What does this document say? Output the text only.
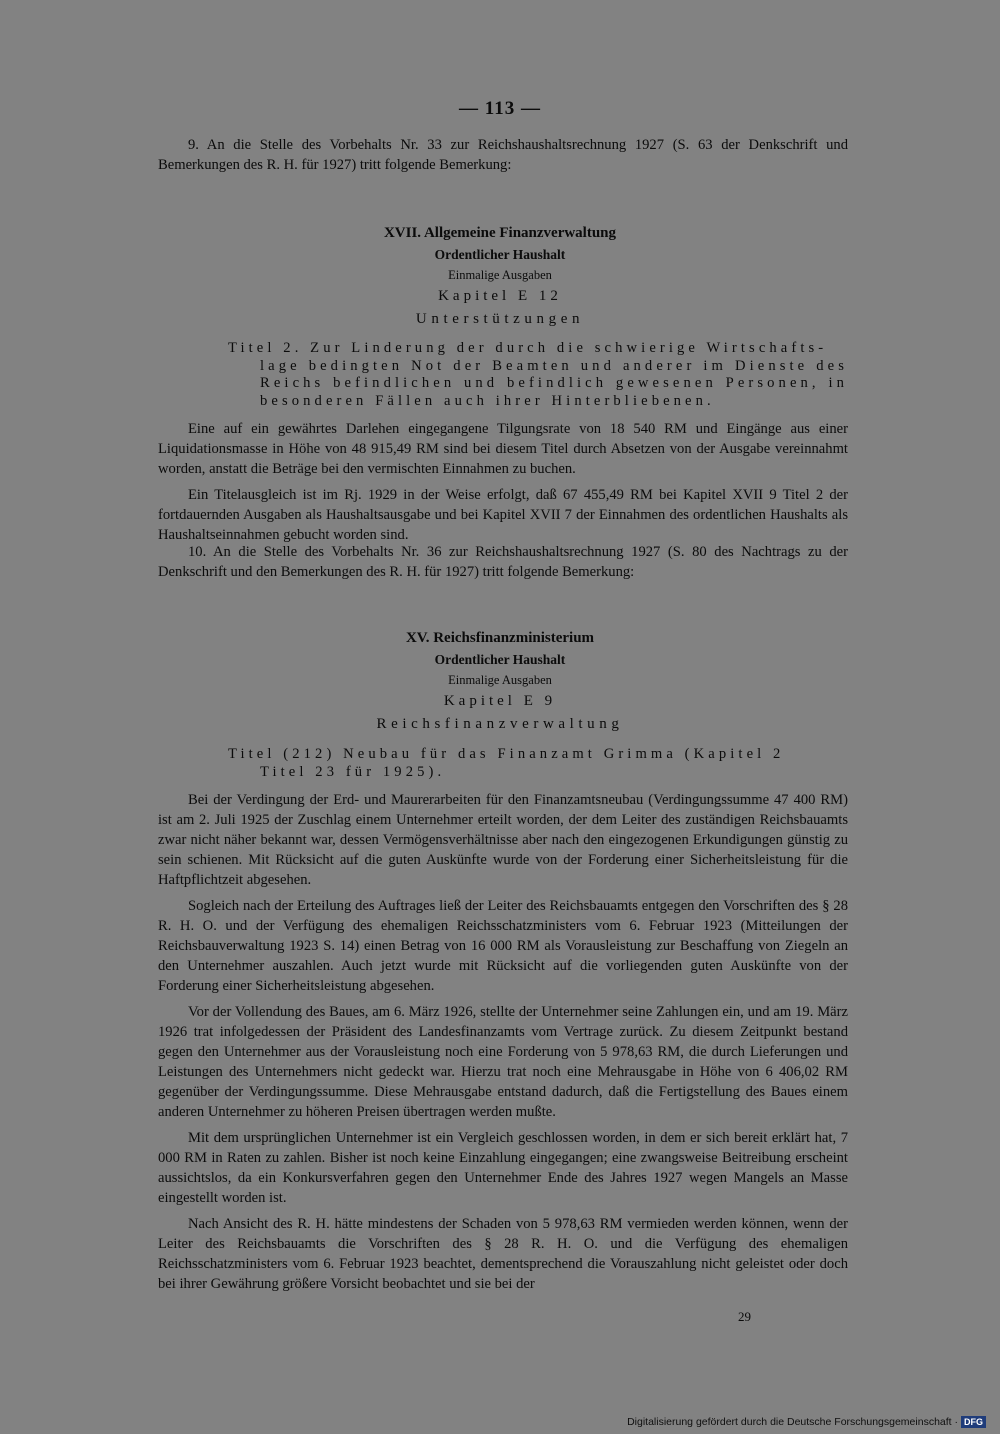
— 113 —

9. An die Stelle des Vorbehalts Nr. 33 zur Reichshaushaltsrechnung 1927 (S. 63 der Denkschrift und Bemerkungen des R. H. für 1927) tritt folgende Bemerkung:

XVII. Allgemeine Finanzverwaltung
Ordentlicher Haushalt
Einmalige Ausgaben
Kapitel E 12
Unterstützungen
Titel 2. Zur Linderung der durch die schwierige Wirtschafts-
lage bedingten Not der Beamten und anderer im Dienste des Reichs befindlichen und befindlich gewesenen Personen, in besonderen Fällen auch ihrer Hinterbliebenen.

Eine auf ein gewährtes Darlehen eingegangene Tilgungsrate von 18 540 RM und Eingänge aus einer Liquidationsmasse in Höhe von 48 915,49 RM sind bei diesem Titel durch Absetzen von der Ausgabe vereinnahmt worden, anstatt die Beträge bei den vermischten Einnahmen zu buchen.

Ein Titelausgleich ist im Rj. 1929 in der Weise erfolgt, daß 67 455,49 RM bei Kapitel XVII 9 Titel 2 der fortdauernden Ausgaben als Haushaltsausgabe und bei Kapitel XVII 7 der Einnahmen des ordentlichen Haushalts als Haushaltseinnahmen gebucht worden sind.

10. An die Stelle des Vorbehalts Nr. 36 zur Reichshaushaltsrechnung 1927 (S. 80 des Nachtrags zu der Denkschrift und den Bemerkungen des R. H. für 1927) tritt folgende Bemerkung:

XV. Reichsfinanzministerium
Ordentlicher Haushalt
Einmalige Ausgaben
Kapitel E 9
Reichsfinanzverwaltung
Titel (212) Neubau für das Finanzamt Grimma (Kapitel 2
Titel 23 für 1925).

Bei der Verdingung der Erd- und Maurerarbeiten für den Finanzamtsneubau (Verdingungssumme 47 400 RM) ist am 2. Juli 1925 der Zuschlag einem Unternehmer erteilt worden, der dem Leiter des zuständigen Reichsbauamts zwar nicht näher bekannt war, dessen Vermögensverhältnisse aber nach den eingezogenen Erkundigungen günstig zu sein schienen. Mit Rücksicht auf die guten Auskünfte wurde von der Forderung einer Sicherheitsleistung für die Haftpflichtzeit abgesehen.

Sogleich nach der Erteilung des Auftrages ließ der Leiter des Reichsbauamts entgegen den Vorschriften des § 28 R. H. O. und der Verfügung des ehemaligen Reichsschatzministers vom 6. Februar 1923 (Mitteilungen der Reichsbauverwaltung 1923 S. 14) einen Betrag von 16 000 RM als Vorausleistung zur Beschaffung von Ziegeln an den Unternehmer auszahlen. Auch jetzt wurde mit Rücksicht auf die vorliegenden guten Auskünfte von der Forderung einer Sicherheitsleistung abgesehen.

Vor der Vollendung des Baues, am 6. März 1926, stellte der Unternehmer seine Zahlungen ein, und am 19. März 1926 trat infolgedessen der Präsident des Landesfinanzamts vom Vertrage zurück. Zu diesem Zeitpunkt bestand gegen den Unternehmer aus der Vorausleistung noch eine Forderung von 5 978,63 RM, die durch Lieferungen und Leistungen des Unternehmers nicht gedeckt war. Hierzu trat noch eine Mehrausgabe in Höhe von 6 406,02 RM gegenüber der Verdingungssumme. Diese Mehrausgabe entstand dadurch, daß die Fertigstellung des Baues einem anderen Unternehmer zu höheren Preisen übertragen werden mußte.

Mit dem ursprünglichen Unternehmer ist ein Vergleich geschlossen worden, in dem er sich bereit erklärt hat, 7 000 RM in Raten zu zahlen. Bisher ist noch keine Einzahlung eingegangen; eine zwangsweise Beitreibung erscheint aussichtslos, da ein Konkursverfahren gegen den Unternehmer Ende des Jahres 1927 wegen Mangels an Masse eingestellt worden ist.

Nach Ansicht des R. H. hätte mindestens der Schaden von 5 978,63 RM vermieden werden können, wenn der Leiter des Reichsbauamts die Vorschriften des § 28 R. H. O. und die Verfügung des ehemaligen Reichsschatzministers vom 6. Februar 1923 beachtet, dementsprechend die Vorauszahlung nicht geleistet oder doch bei ihrer Gewährung größere Vorsicht beobachtet und sie bei der

29
Digitalisierung gefördert durch die Deutsche Forschungsgemeinschaft · DFG
